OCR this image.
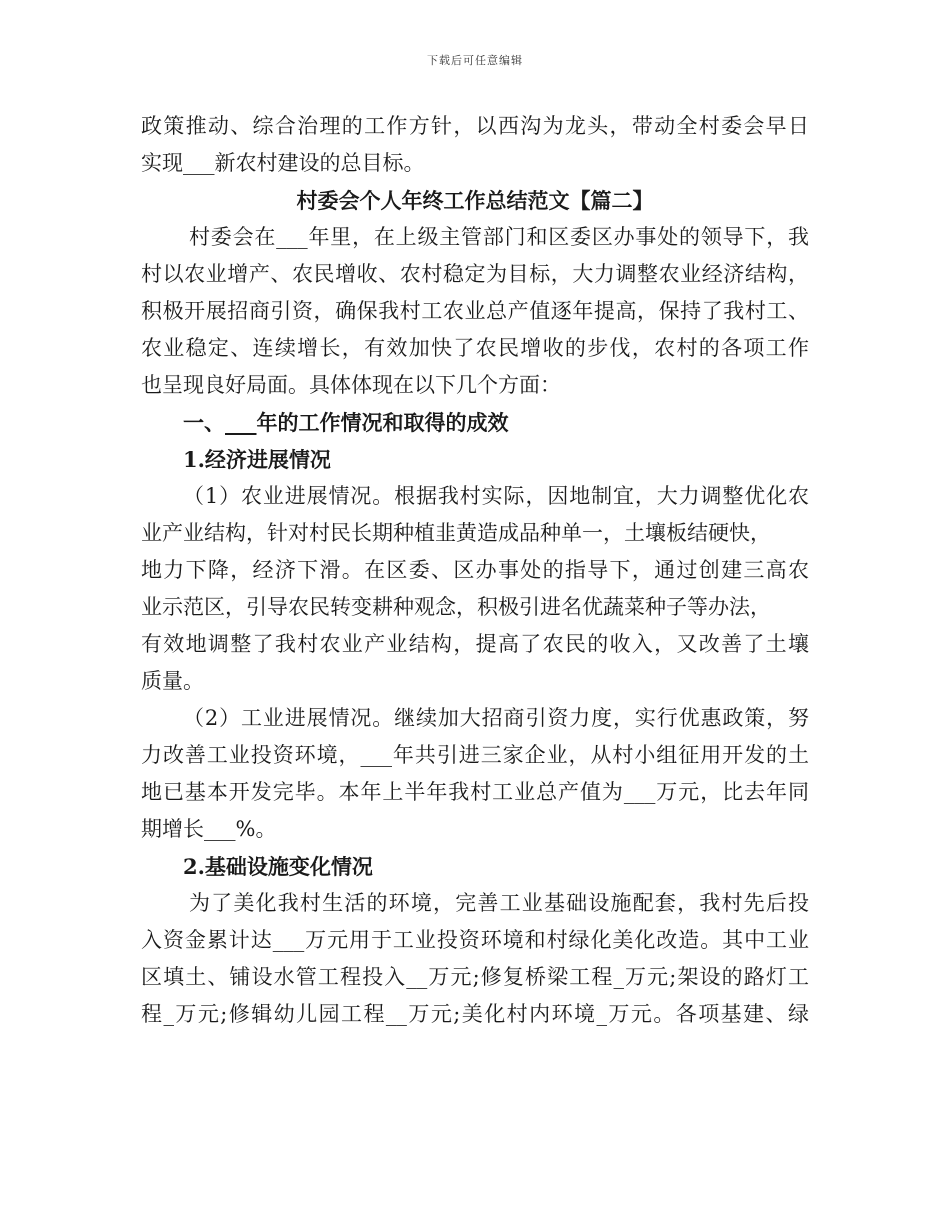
下载后可任意编辑
政策推动、综合治理的工作方针，以西沟为龙头，带动全村委会早日
实现___新农村建设的总目标。
村委会个人年终工作总结范文【篇二】
村委会在___年里，在上级主管部门和区委区办事处的领导下，我
村以农业增产、农民增收、农村稳定为目标，大力调整农业经济结构，
积极开展招商引资，确保我村工农业总产值逐年提高，保持了我村工、
农业稳定、连续增长，有效加快了农民增收的步伐，农村的各项工作
也呈现良好局面。具体体现在以下几个方面：
一、___年的工作情况和取得的成效
1.经济进展情况
（1）农业进展情况。根据我村实际，因地制宜，大力调整优化农
业产业结构，针对村民长期种植韭黄造成品种单一，土壤板结硬快，
地力下降，经济下滑。在区委、区办事处的指导下，通过创建三高农
业示范区，引导农民转变耕种观念，积极引进名优蔬菜种子等办法，
有效地调整了我村农业产业结构，提高了农民的收入，又改善了土壤
质量。
（2）工业进展情况。继续加大招商引资力度，实行优惠政策，努
力改善工业投资环境，___年共引进三家企业，从村小组征用开发的土
地已基本开发完毕。本年上半年我村工业总产值为___万元，比去年同
期增长___%。
2.基础设施变化情况
为了美化我村生活的环境，完善工业基础设施配套，我村先后投
入资金累计达___万元用于工业投资环境和村绿化美化改造。其中工业
区填土、铺设水管工程投入__万元;修复桥梁工程_万元;架设的路灯工
程_万元;修辑幼儿园工程__万元;美化村内环境_万元。各项基建、绿
